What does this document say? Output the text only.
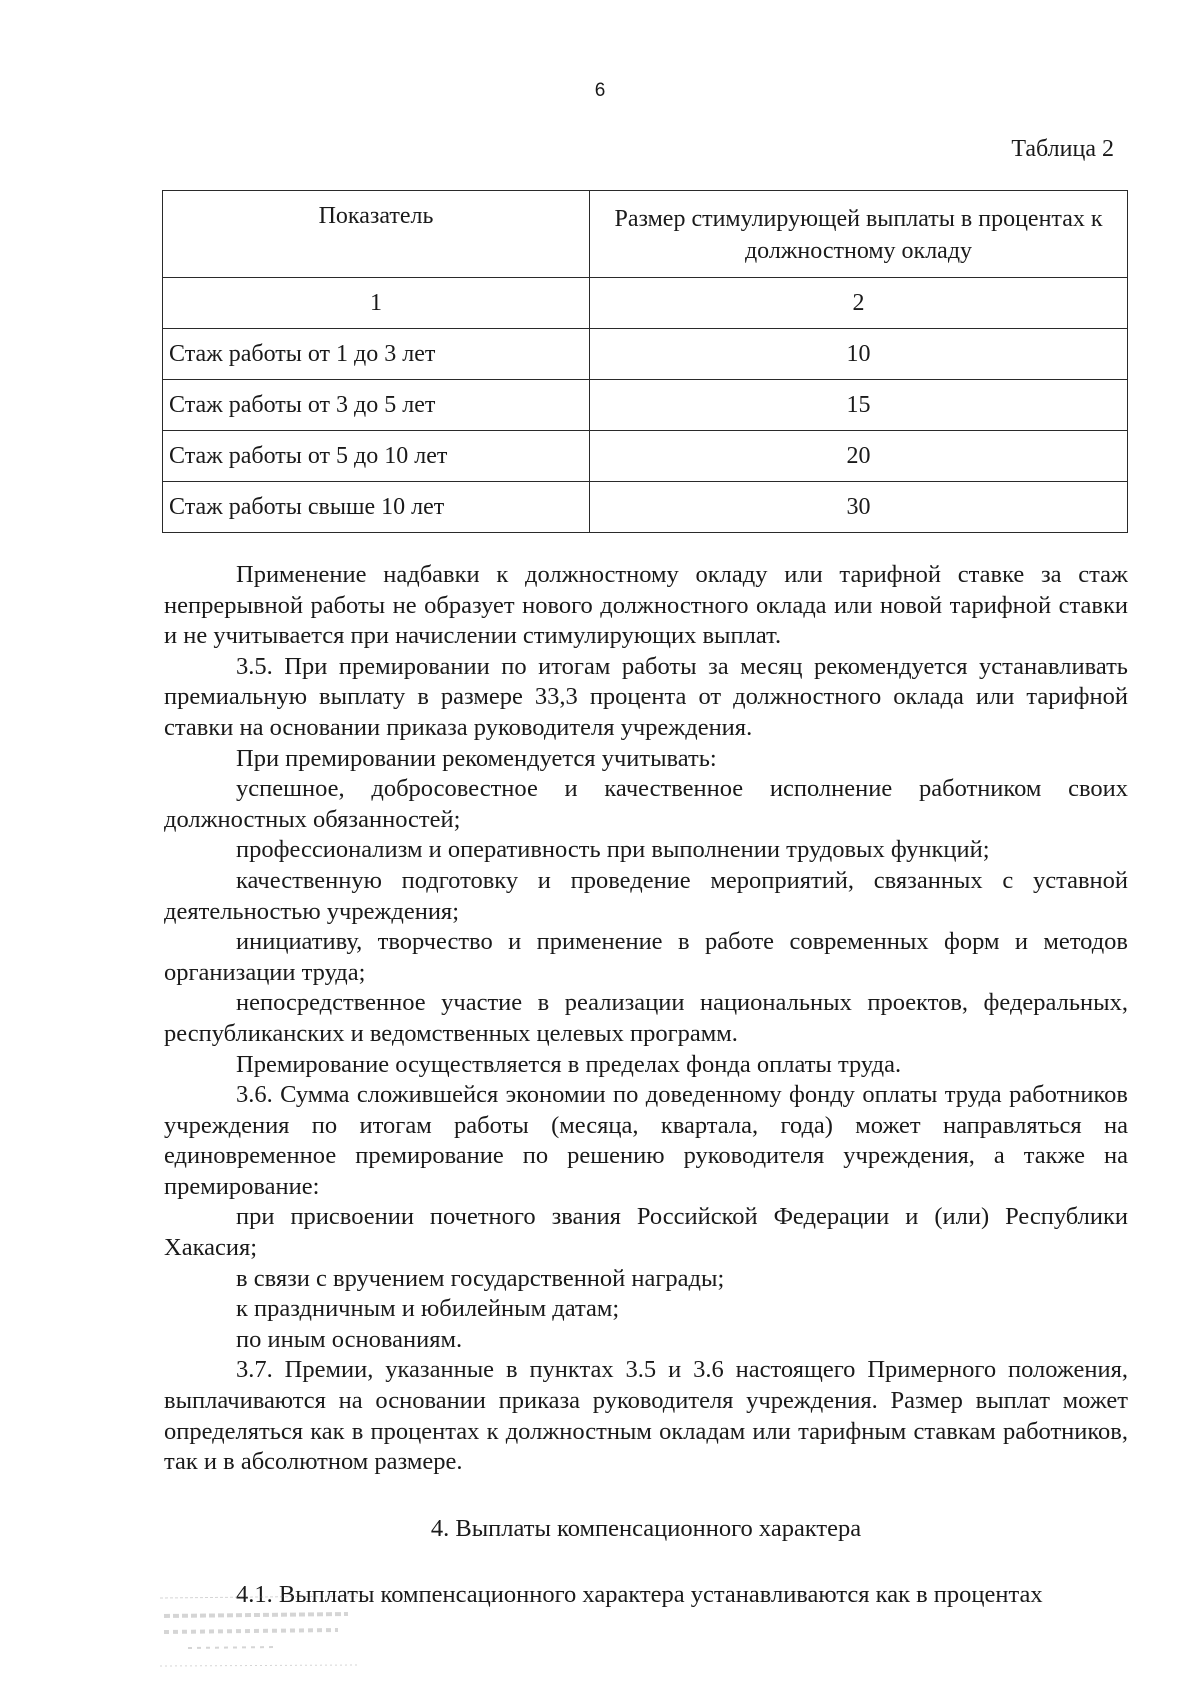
6
Таблица 2
Показатель	Размер стимулирующей выплаты в процентах к должностному окладу
1	2
Стаж работы от 1 до 3 лет	10
Стаж работы от 3 до 5 лет	15
Стаж работы от 5 до 10 лет	20
Стаж работы свыше 10 лет	30

Применение надбавки к должностному окладу или тарифной ставке за стаж непрерывной работы не образует нового должностного оклада или новой тарифной ставки и не учитывается при начислении стимулирующих выплат.

3.5. При премировании по итогам работы за месяц рекомендуется устанавливать премиальную выплату в размере 33,3 процента от должностного оклада или тарифной ставки на основании приказа руководителя учреждения.

При премировании рекомендуется учитывать:

успешное, добросовестное и качественное исполнение работником своих должностных обязанностей;

профессионализм и оперативность при выполнении трудовых функций;

качественную подготовку и проведение мероприятий, связанных с уставной деятельностью учреждения;

инициативу, творчество и применение в работе современных форм и методов организации труда;

непосредственное участие в реализации национальных проектов, федеральных, республиканских и ведомственных целевых программ.

Премирование осуществляется в пределах фонда оплаты труда.

3.6. Сумма сложившейся экономии по доведенному фонду оплаты труда работников учреждения по итогам работы (месяца, квартала, года) может направляться на единовременное премирование по решению руководителя учреждения, а также на премирование:

при присвоении почетного звания Российской Федерации и (или) Республики Хакасия;

в связи с вручением государственной награды;

к праздничным и юбилейным датам;

по иным основаниям.

3.7. Премии, указанные в пунктах 3.5 и 3.6 настоящего Примерного положения, выплачиваются на основании приказа руководителя учреждения. Размер выплат может определяться как в процентах к должностным окладам или тарифным ставкам работников, так и в абсолютном размере.

4. Выплаты компенсационного характера

4.1. Выплаты компенсационного характера устанавливаются как в процентах
